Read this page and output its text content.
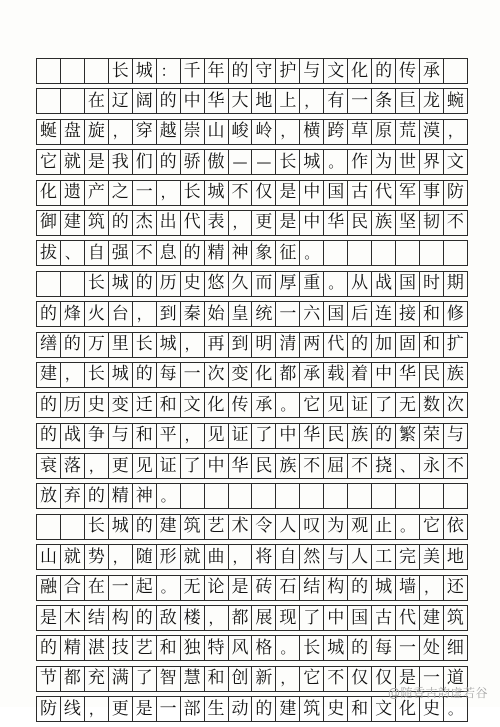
长 城 ： 千 年 的 守 护 与 文 化 的 传 承
在 辽 阔 的 中 华 大 地 上 ， 有 一 条 巨 龙 蜿
蜒 盘 旋 ， 穿 越 崇 山 峻 岭 ， 横 跨 草 原 荒 漠 ，
它 就 是 我 们 的 骄 傲 — — 长 城 。 作 为 世 界 文
化 遗 产 之 一 ， 长 城 不 仅 是 中 国 古 代 军 事 防
御 建 筑 的 杰 出 代 表 ， 更 是 中 华 民 族 坚 韧 不
拔 、 自 强 不 息 的 精 神 象 征 。
长 城 的 历 史 悠 久 而 厚 重 。 从 战 国 时 期
的 烽 火 台 ， 到 秦 始 皇 统 一 六 国 后 连 接 和 修
缮 的 万 里 长 城 ， 再 到 明 清 两 代 的 加 固 和 扩
建 ， 长 城 的 每 一 次 变 化 都 承 载 着 中 华 民 族
的 历 史 变 迁 和 文 化 传 承 。 它 见 证 了 无 数 次
的 战 争 与 和 平 ， 见 证 了 中 华 民 族 的 繁 荣 与
衰 落 ， 更 见 证 了 中 华 民 族 不 屈 不 挠 、 永 不
放 弃 的 精 神 。
长 城 的 建 筑 艺 术 令 人 叹 为 观 止 。 它 依
山 就 势 ， 随 形 就 曲 ， 将 自 然 与 人 工 完 美 地
融 合 在 一 起 。 无 论 是 砖 石 结 构 的 城 墙 ， 还
是 木 结 构 的 敌 楼 ， 都 展 现 了 中 国 古 代 建 筑
的 精 湛 技 艺 和 独 特 风 格 。 长 城 的 每 一 处 细
节 都 充 满 了 智 慧 和 创 新 ， 它 不 仅 仅 是 一 道
防 线 ， 更 是 一 部 生 动 的 建 筑 史 和 文 化 史 。
@随香古韵虚若谷
